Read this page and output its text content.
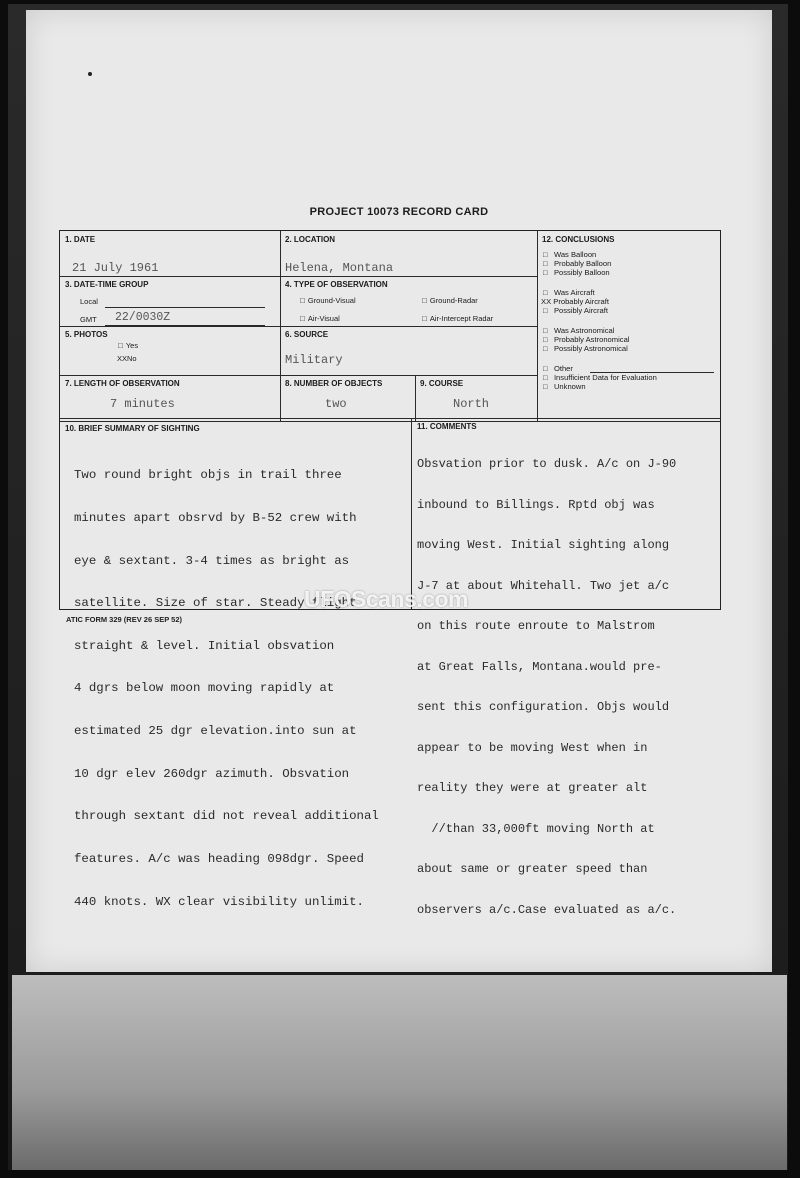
PROJECT 10073 RECORD CARD
1. DATE
21 July 1961
2. LOCATION
Helena, Montana
3. DATE-TIME GROUP
Local
GMT 22/0030Z
4. TYPE OF OBSERVATION
□ Ground-Visual	□ Ground-Radar
□ Air-Visual	□ Air-Intercept Radar
5. PHOTOS
□ Yes
XXNo
6. SOURCE
Military
7. LENGTH OF OBSERVATION
7 minutes
8. NUMBER OF OBJECTS
two
9. COURSE
North
12. CONCLUSIONS
□ Was Balloon
□ Probably Balloon
□ Possibly Balloon
□ Was Aircraft
XX Probably Aircraft
□ Possibly Aircraft
□ Was Astronomical
□ Probably Astronomical
□ Possibly Astronomical
□ Other
□ Insufficient Data for Evaluation
□ Unknown
10. BRIEF SUMMARY OF SIGHTING

Two round bright objs in trail three

minutes apart obsrvd by B-52 crew with

eye & sextant. 3-4 times as bright as

satellite. Size of star. Steady flight

straight & level. Initial obsvation

4 dgrs below moon moving rapidly at

estimated 25 dgr elevation.into sun at

10 dgr elev 260dgr azimuth. Obsvation

through sextant did not reveal additional

features. A/c was heading 098dgr. Speed

440 knots. WX clear visibility unlimit.

11. COMMENTS

Obsvation prior to dusk. A/c on J-90

inbound to Billings. Rptd obj was

moving West. Initial sighting along

J-7 at about Whitehall. Two jet a/c

on this route enroute to Malstrom

at Great Falls, Montana.would pre-

sent this configuration. Objs would

appear to be moving West when in

reality they were at greater alt

//than 33,000ft moving North at

about same or greater speed than

observers a/c.Case evaluated as a/c.

ATIC FORM 329 (REV 26 SEP 52)
UFOScans.com
